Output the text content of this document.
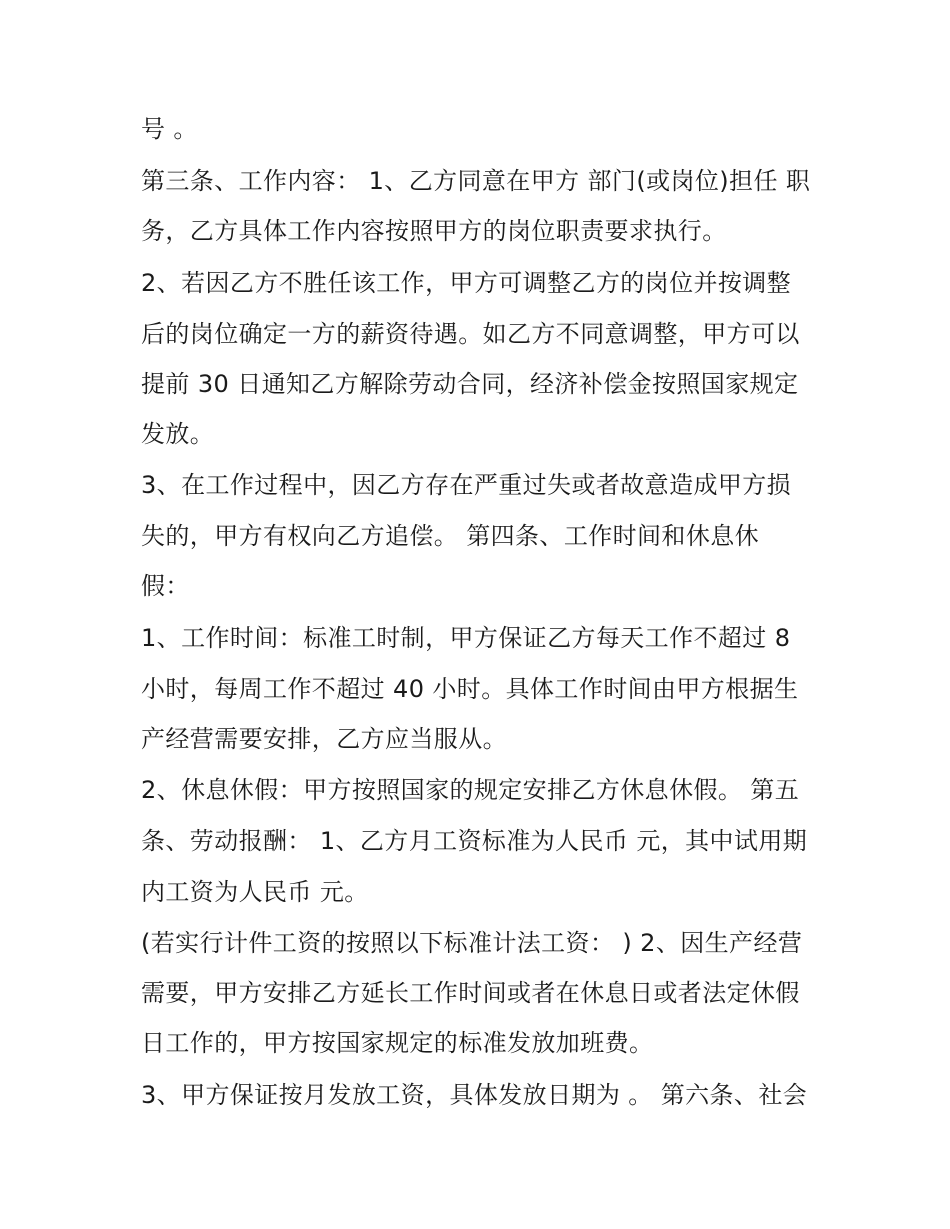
号 。
第三条、工作内容： 1、乙方同意在甲方 部门(或岗位)担任 职
务，乙方具体工作内容按照甲方的岗位职责要求执行。
2、若因乙方不胜任该工作，甲方可调整乙方的岗位并按调整
后的岗位确定一方的薪资待遇。如乙方不同意调整，甲方可以
提前 30 日通知乙方解除劳动合同，经济补偿金按照国家规定
发放。
3、在工作过程中，因乙方存在严重过失或者故意造成甲方损
失的，甲方有权向乙方追偿。 第四条、工作时间和休息休
假：
1、工作时间：标准工时制，甲方保证乙方每天工作不超过 8
小时，每周工作不超过 40 小时。具体工作时间由甲方根据生
产经营需要安排，乙方应当服从。
2、休息休假：甲方按照国家的规定安排乙方休息休假。 第五
条、劳动报酬： 1、乙方月工资标准为人民币 元，其中试用期
内工资为人民币 元。
(若实行计件工资的按照以下标准计法工资： ) 2、因生产经营
需要，甲方安排乙方延长工作时间或者在休息日或者法定休假
日工作的，甲方按国家规定的标准发放加班费。
3、甲方保证按月发放工资，具体发放日期为 。 第六条、社会
